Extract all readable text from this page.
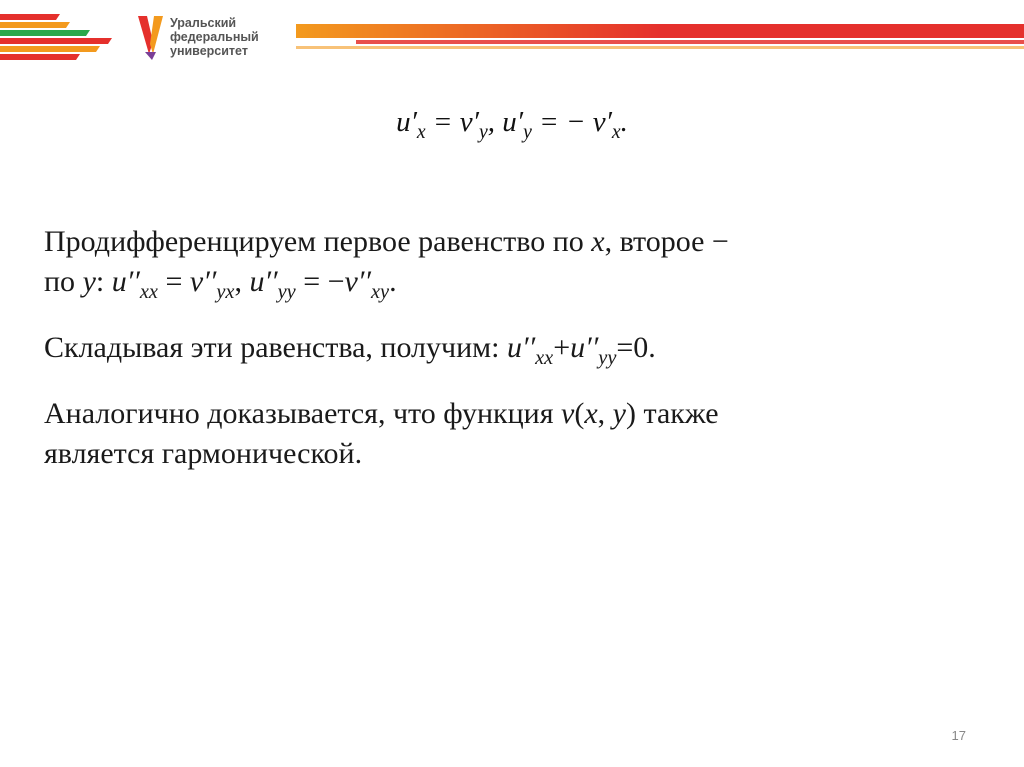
Уральский
федеральный
университет
$u'_x = v'_y$, $u'_y$ = − $v'_x$.
Продифференцируем первое равенство по x, второе −
по y: $u''_{xx} = v''_{yx}$, $u''_{yy} = -v''_{xy}$.
Складывая эти равенства, получим: $u''_{xx}+u''_{yy}=0$.
Аналогично доказывается, что функция v(x, y) также
является гармонической.
17
